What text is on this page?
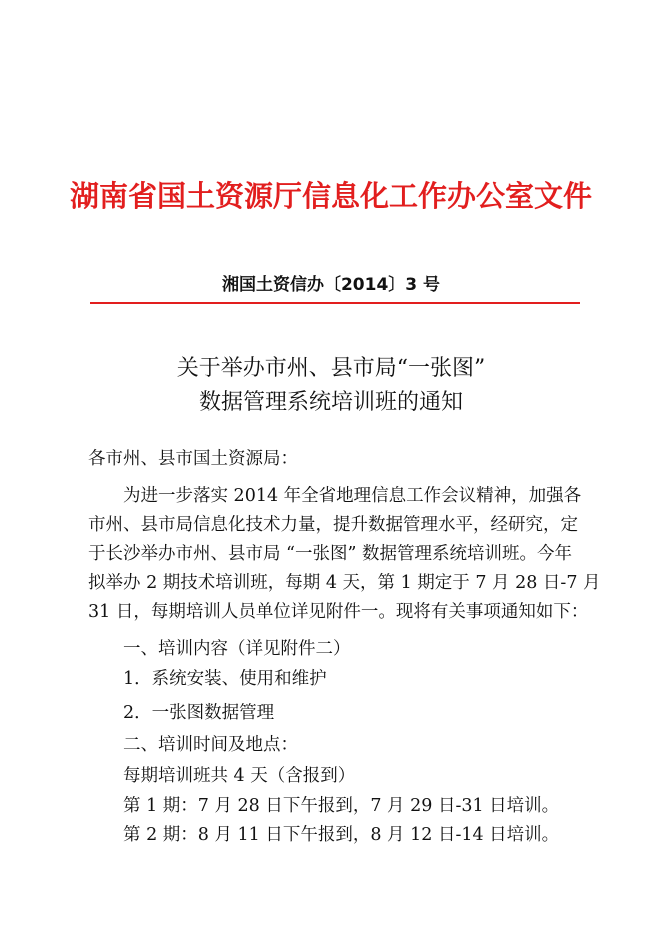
湖南省国土资源厅信息化工作办公室文件
湘国土资信办〔2014〕3 号
关于举办市州、县市局“一张图”
数据管理系统培训班的通知
各市州、县市国土资源局：
为进一步落实 2014 年全省地理信息工作会议精神，加强各
市州、县市局信息化技术力量，提升数据管理水平，经研究，定
于长沙举办市州、县市局 “一张图” 数据管理系统培训班。今年
拟举办 2 期技术培训班，每期 4 天，第 1 期定于 7 月 28 日-7 月
31 日，每期培训人员单位详见附件一。现将有关事项通知如下：
一、培训内容（详见附件二）
1．系统安装、使用和维护
2．一张图数据管理
二、培训时间及地点：
每期培训班共 4 天（含报到）
第 1 期：7 月 28 日下午报到，7 月 29 日-31 日培训。
第 2 期：8 月 11 日下午报到，8 月 12 日-14 日培训。
